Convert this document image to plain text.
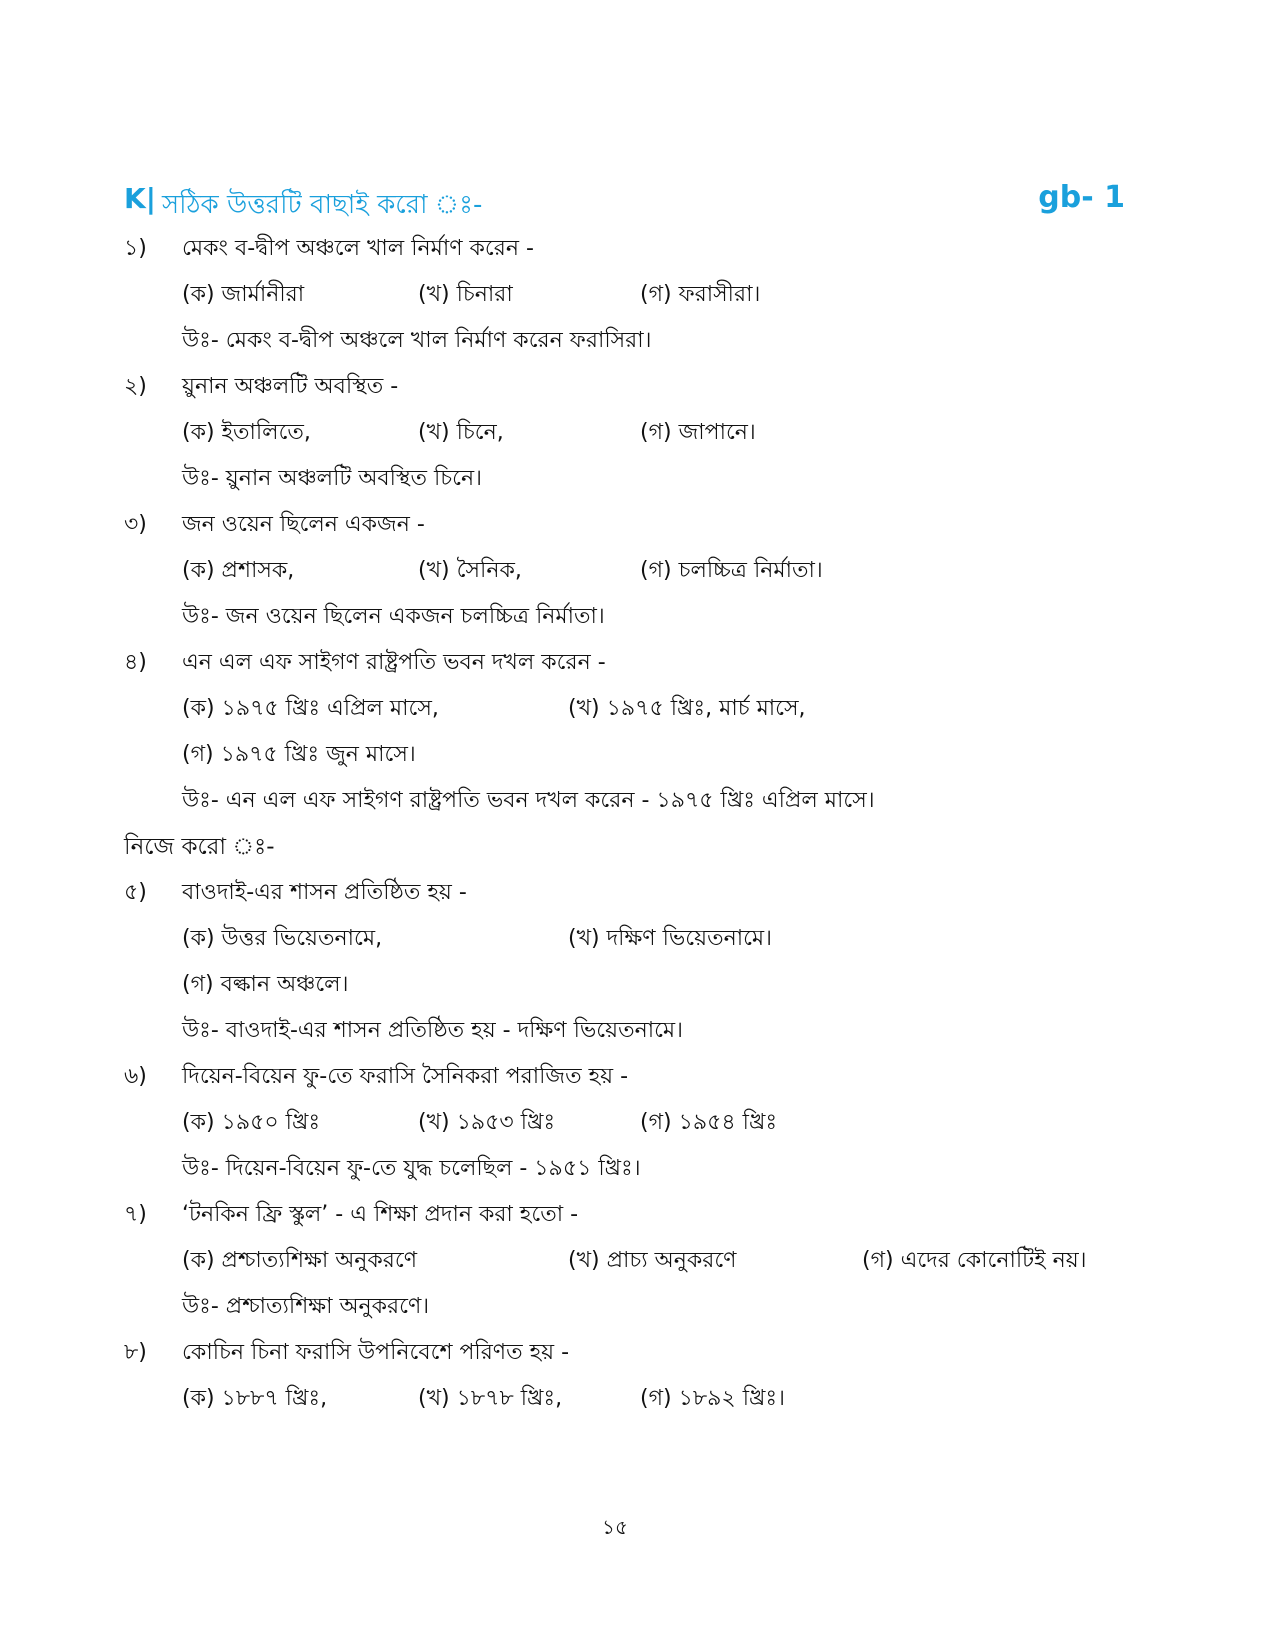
K| সঠিক উত্তরটি বাছাই করো ঃ-	gb- 1
১)	মেকং ব-দ্বীপ অঞ্চলে খাল নির্মাণ করেন -
(ক) জার্মানীরা	(খ) চিনারা	(গ) ফরাসীরা।
উঃ- মেকং ব-দ্বীপ অঞ্চলে খাল নির্মাণ করেন ফরাসিরা।
২)	য়ুনান অঞ্চলটি অবস্থিত -
(ক) ইতালিতে,	(খ) চিনে,	(গ) জাপানে।
উঃ- য়ুনান অঞ্চলটি অবস্থিত চিনে।
৩)	জন ওয়েন ছিলেন একজন -
(ক) প্রশাসক,	(খ) সৈনিক,	(গ) চলচ্চিত্র নির্মাতা।
উঃ- জন ওয়েন ছিলেন একজন চলচ্চিত্র নির্মাতা।
৪)	এন এল এফ সাইগণ রাষ্ট্রপতি ভবন দখল করেন -
(ক) ১৯৭৫ খ্রিঃ এপ্রিল মাসে,	(খ) ১৯৭৫ খ্রিঃ, মার্চ মাসে,
(গ) ১৯৭৫ খ্রিঃ জুন মাসে।
উঃ- এন এল এফ সাইগণ রাষ্ট্রপতি ভবন দখল করেন - ১৯৭৫ খ্রিঃ এপ্রিল মাসে।
নিজে করো ঃ-
৫)	বাওদাই-এর শাসন প্রতিষ্ঠিত হয় -
(ক) উত্তর ভিয়েতনামে,	(খ) দক্ষিণ ভিয়েতনামে।
(গ) বল্কান অঞ্চলে।
উঃ- বাওদাই-এর শাসন প্রতিষ্ঠিত হয় - দক্ষিণ ভিয়েতনামে।
৬)	দিয়েন-বিয়েন ফু-তে ফরাসি সৈনিকরা পরাজিত হয় -
(ক) ১৯৫০ খ্রিঃ	(খ) ১৯৫৩ খ্রিঃ	(গ) ১৯৫৪ খ্রিঃ
উঃ- দিয়েন-বিয়েন ফু-তে যুদ্ধ চলেছিল - ১৯৫১ খ্রিঃ।
৭)	‘টনকিন ফ্রি স্কুল’ - এ শিক্ষা প্রদান করা হতো -
(ক) প্রশ্চাত্যশিক্ষা অনুকরণে	(খ) প্রাচ্য অনুকরণে	(গ) এদের কোনোটিই নয়।
উঃ- প্রশ্চাত্যশিক্ষা অনুকরণে।
৮)	কোচিন চিনা ফরাসি উপনিবেশে পরিণত হয় -
(ক) ১৮৮৭ খ্রিঃ,	(খ) ১৮৭৮ খ্রিঃ,	(গ) ১৮৯২ খ্রিঃ।
১৫
